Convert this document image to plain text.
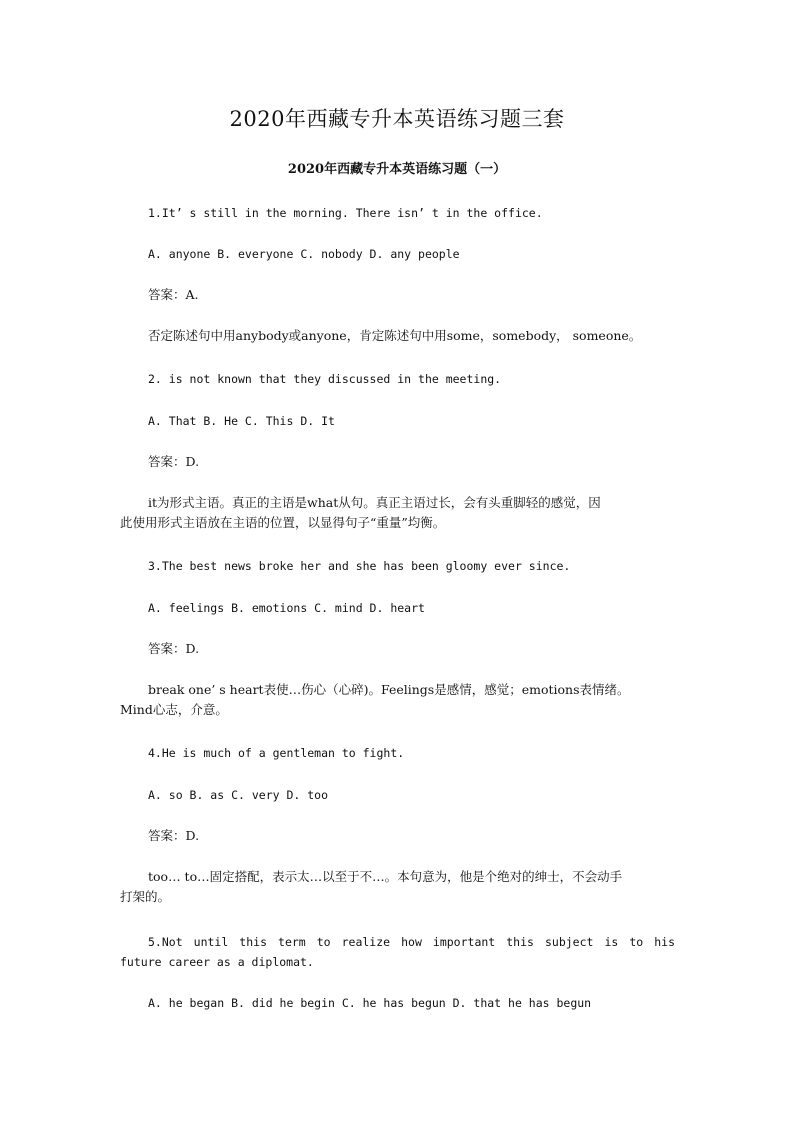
2020年西藏专升本英语练习题三套
2020年西藏专升本英语练习题（一）
1.It’ s still in the morning. There isn’ t in the office.
A. anyone B. everyone C. nobody D. any people
答案：A.
否定陈述句中用anybody或anyone，肯定陈述句中用some，somebody， someone。
2. is not known that they discussed in the meeting.
A. That B. He C. This D. It
答案：D.
it为形式主语。真正的主语是what从句。真正主语过长，会有头重脚轻的感觉，因
此使用形式主语放在主语的位置，以显得句子“重量”均衡。
3.The best news broke her and she has been gloomy ever since.
A. feelings B. emotions C. mind D. heart
答案：D.
break one’ s heart表使…伤心（心碎)。Feelings是感情，感觉；emotions表情绪。
Mind心志，介意。
4.He is much of a gentleman to fight.
A. so B. as C. very D. too
答案：D.
too… to…固定搭配，表示太…以至于不…。本句意为，他是个绝对的绅士，不会动手
打架的。
5.Not until this term to realize how important this subject is to his
future career as a diplomat.
A. he began B. did he begin C. he has begun D. that he has begun
